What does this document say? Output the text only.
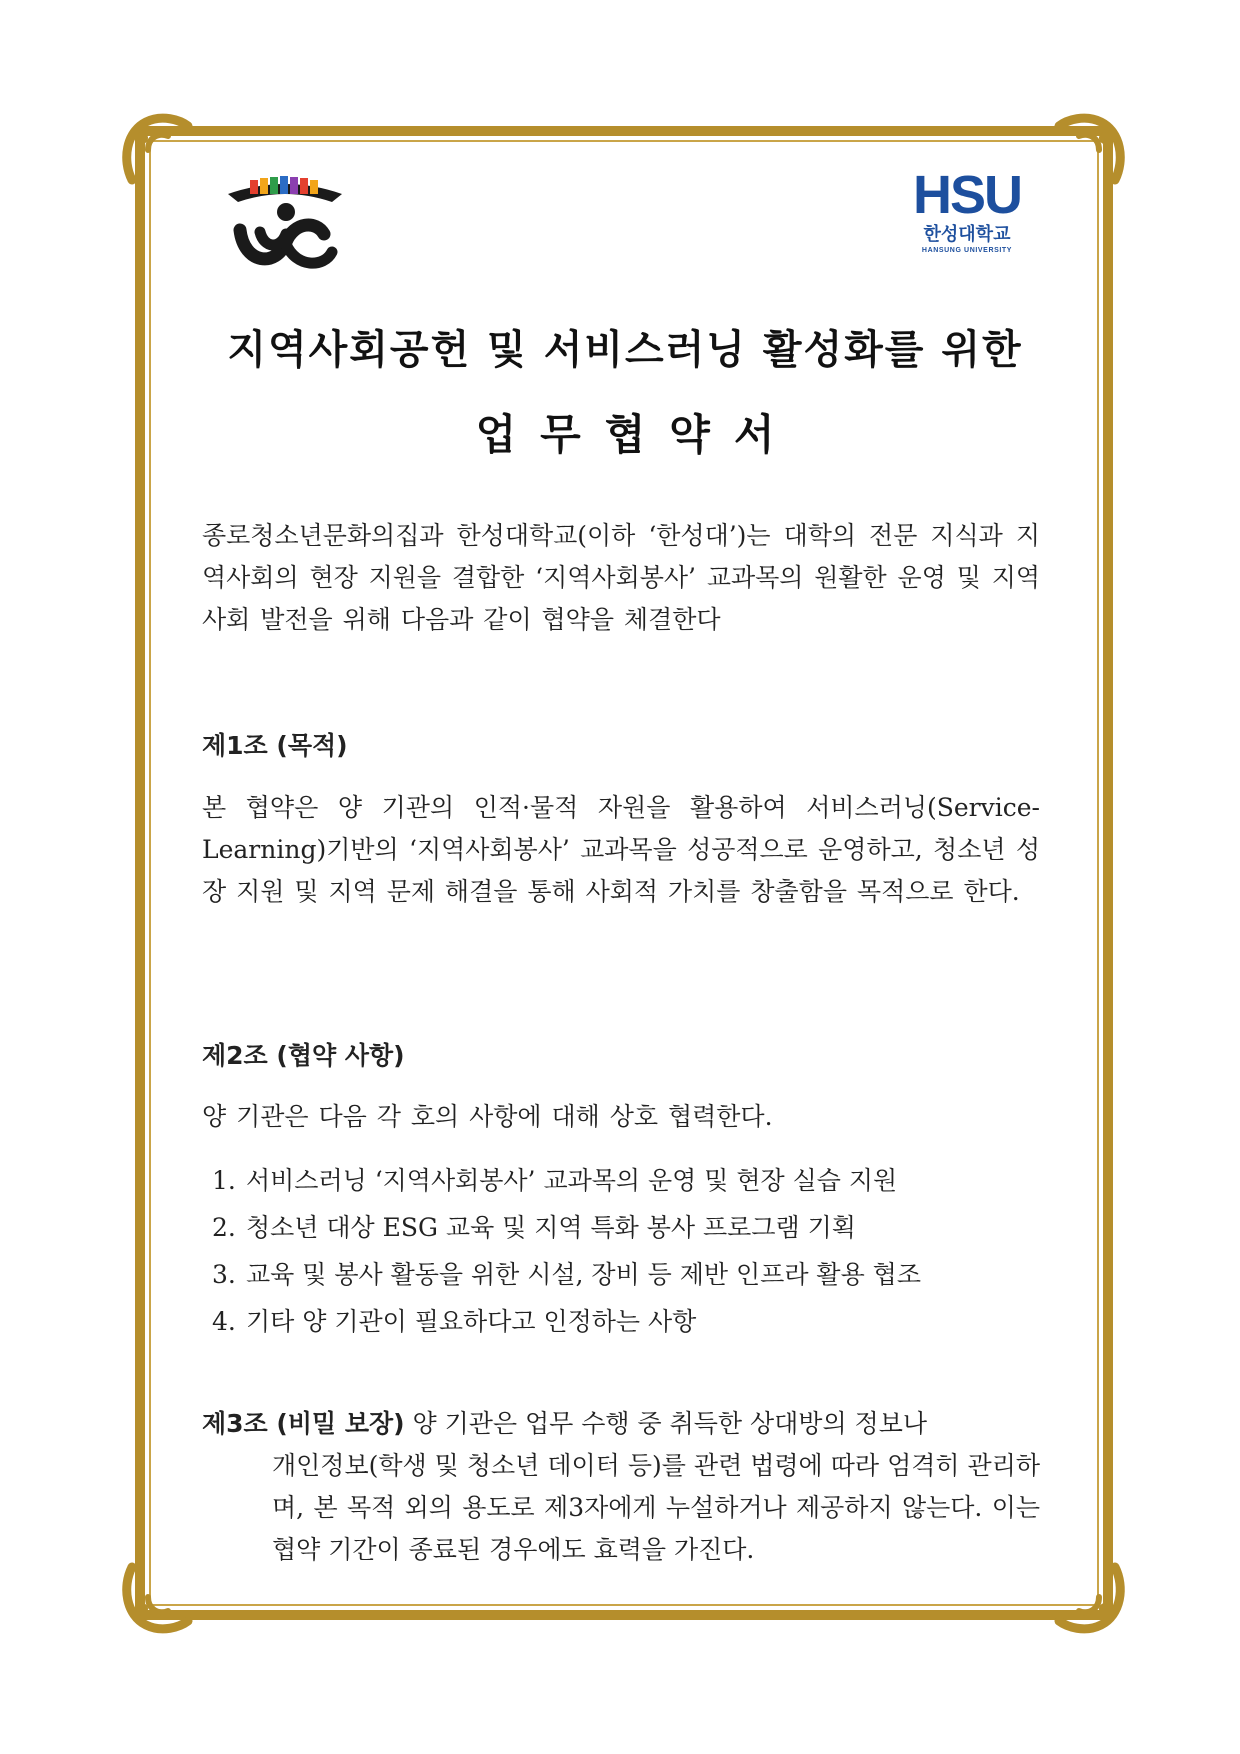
HSU
한성대학교
HANSUNG UNIVERSITY
지역사회공헌 및 서비스러닝 활성화를 위한
업무협약서
종로청소년문화의집과 한성대학교(이하 ‘한성대’)는 대학의 전문 지식과 지역사회의 현장 지원을 결합한 ‘지역사회봉사’ 교과목의 원활한 운영 및 지역사회 발전을 위해 다음과 같이 협약을 체결한다
제1조 (목적)
본 협약은 양 기관의 인적·물적 자원을 활용하여 서비스러닝(Service-Learning)기반의 ‘지역사회봉사’ 교과목을 성공적으로 운영하고, 청소년 성장 지원 및 지역 문제 해결을 통해 사회적 가치를 창출함을 목적으로 한다.
제2조 (협약 사항)
양 기관은 다음 각 호의 사항에 대해 상호 협력한다.
1. 서비스러닝 ‘지역사회봉사’ 교과목의 운영 및 현장 실습 지원
2. 청소년 대상 ESG 교육 및 지역 특화 봉사 프로그램 기획
3. 교육 및 봉사 활동을 위한 시설, 장비 등 제반 인프라 활용 협조
4. 기타 양 기관이 필요하다고 인정하는 사항
제3조 (비밀 보장) 양 기관은 업무 수행 중 취득한 상대방의 정보나
개인정보(학생 및 청소년 데이터 등)를 관련 법령에 따라 엄격히 관리하며, 본 목적 외의 용도로 제3자에게 누설하거나 제공하지 않는다. 이는 협약 기간이 종료된 경우에도 효력을 가진다.
